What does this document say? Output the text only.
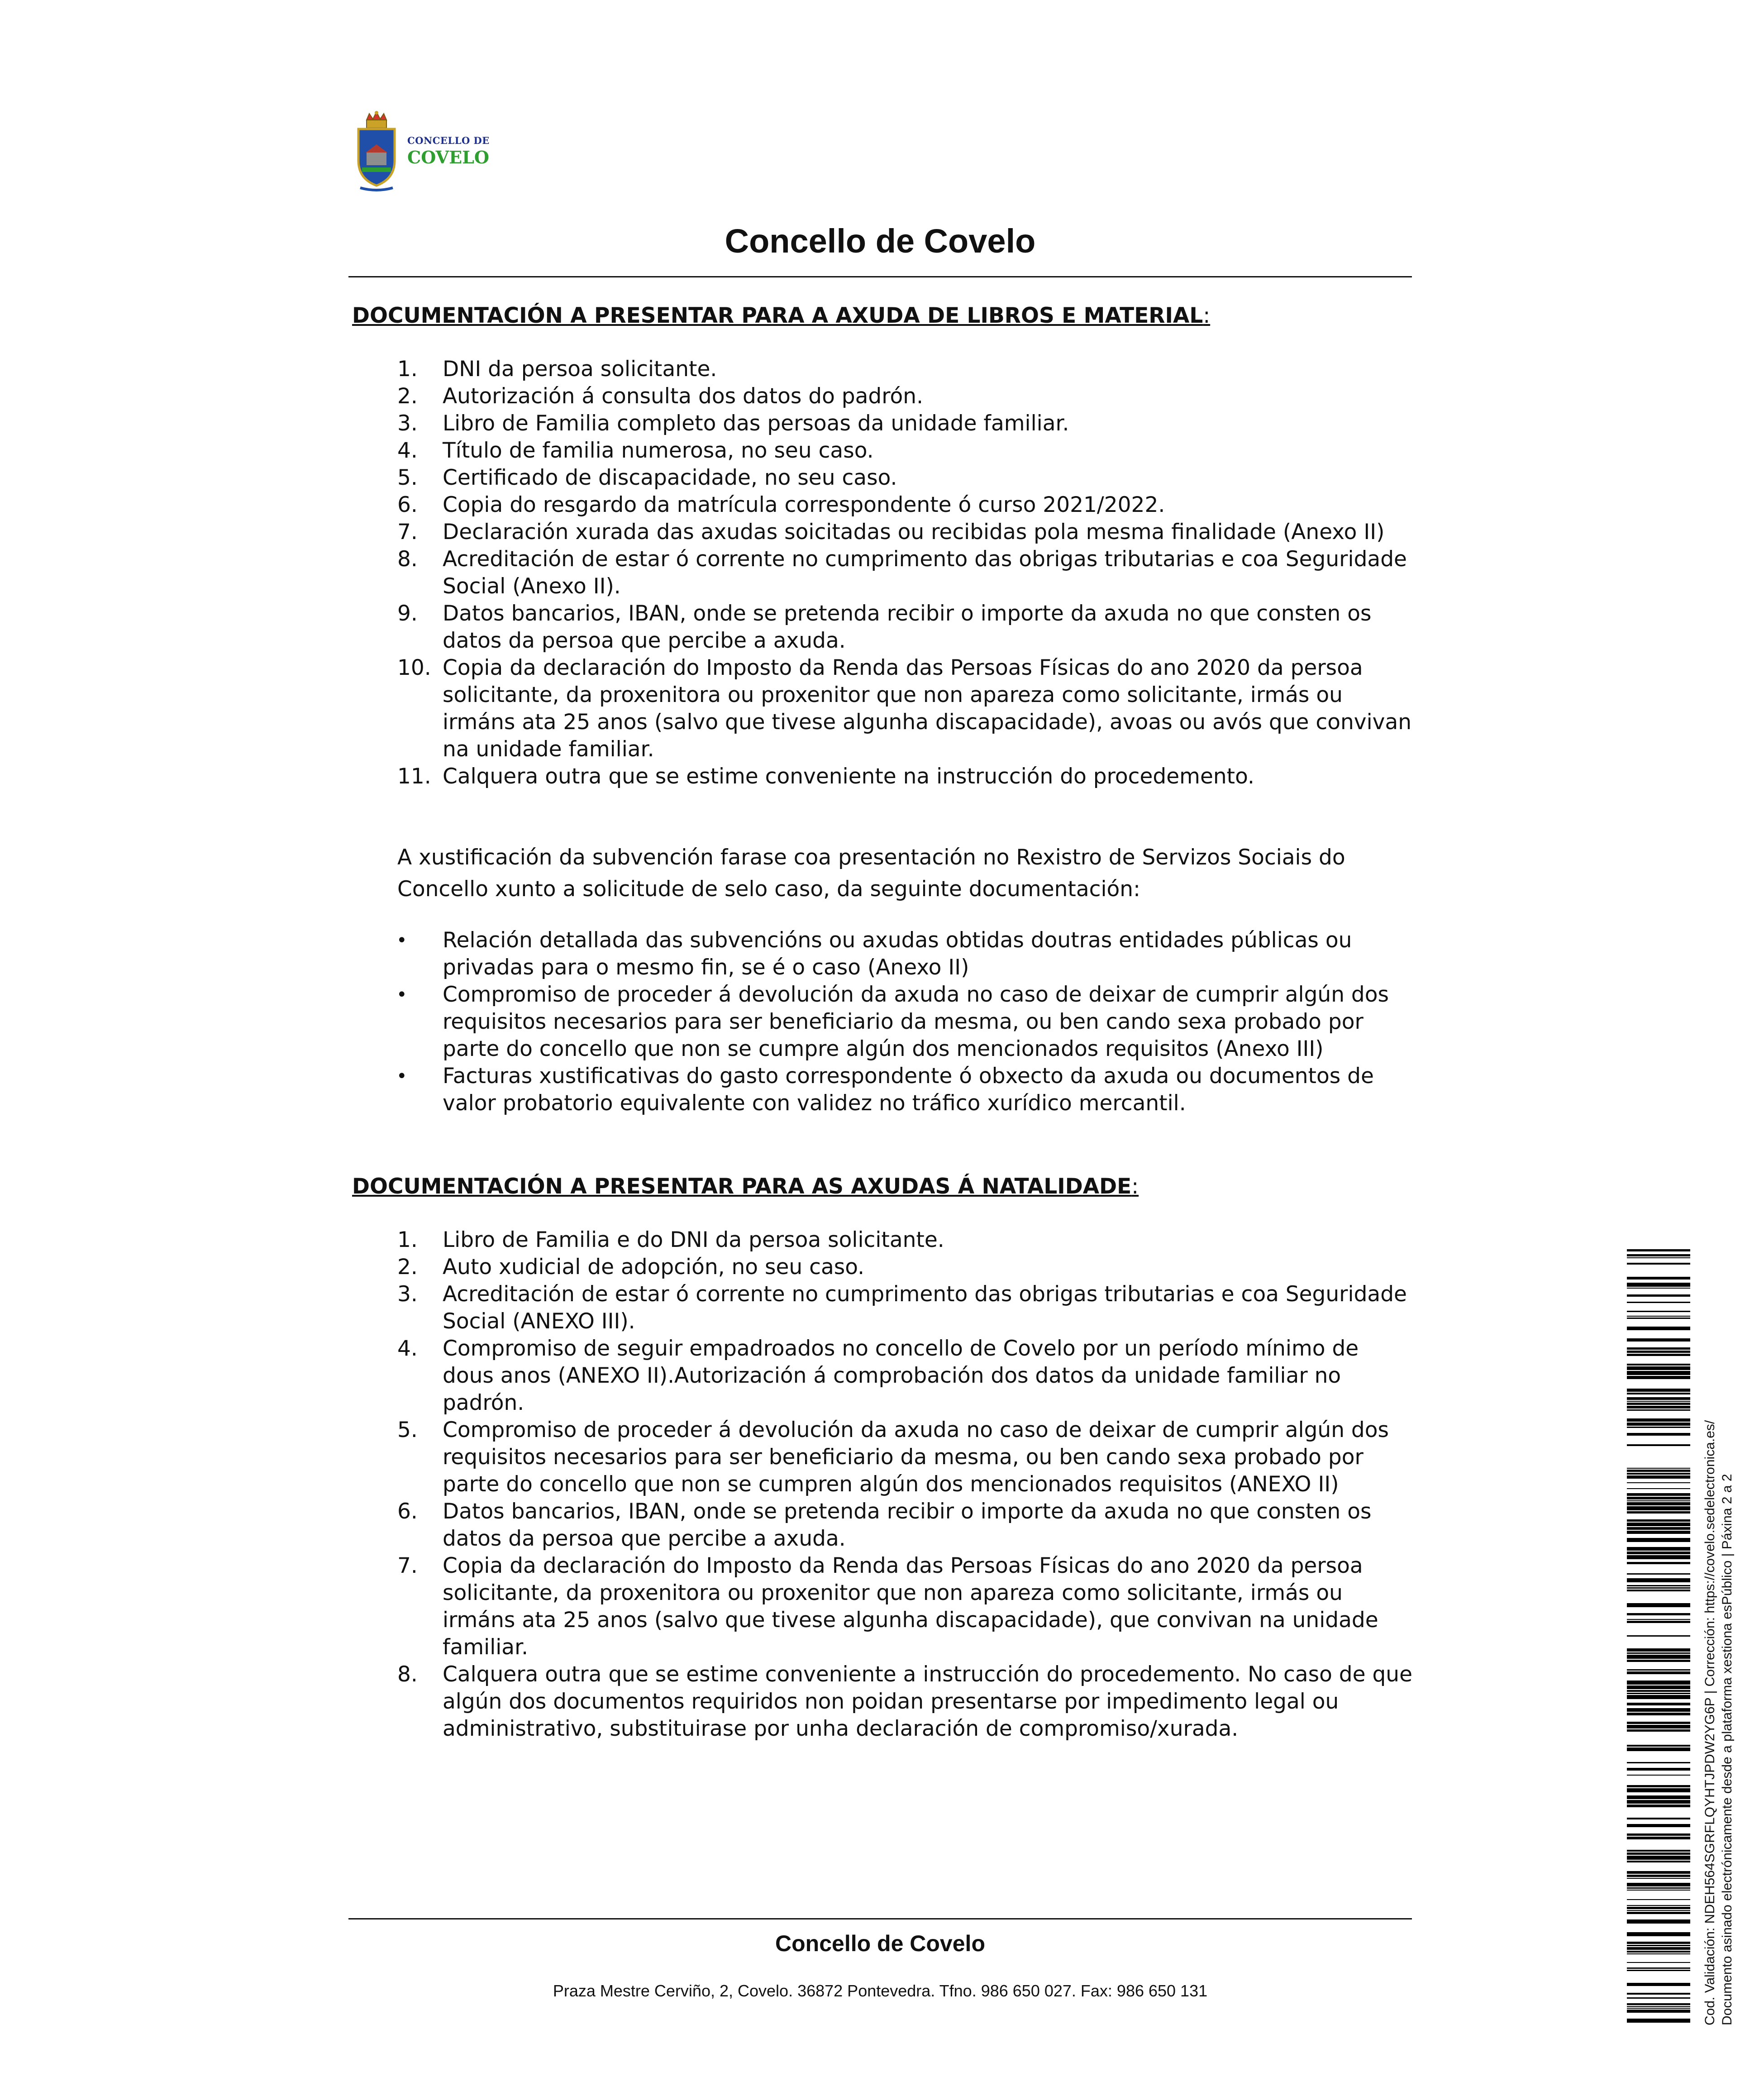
CONCELLO DE
COVELO
Concello de Covelo
DOCUMENTACIÓN A PRESENTAR PARA A AXUDA DE LIBROS E MATERIAL:
1. DNI da persoa solicitante.
2. Autorización á consulta dos datos do padrón.
3. Libro de Familia completo das persoas da unidade familiar.
4. Título de familia numerosa, no seu caso.
5. Certificado de discapacidade, no seu caso.
6. Copia do resgardo da matrícula correspondente ó curso 2021/2022.
7. Declaración xurada das axudas soicitadas ou recibidas pola mesma finalidade (Anexo II)
8. Acreditación de estar ó corrente no cumprimento das obrigas tributarias e coa Seguridade Social (Anexo II).
9. Datos bancarios, IBAN, onde se pretenda recibir o importe da axuda no que consten os datos da persoa que percibe a axuda.
10. Copia da declaración do Imposto da Renda das Persoas Físicas do ano 2020 da persoa solicitante, da proxenitora ou proxenitor que non apareza como solicitante, irmás ou irmáns ata 25 anos (salvo que tivese algunha discapacidade), avoas ou avós que convivan na unidade familiar.
11. Calquera outra que se estime conveniente na instrucción do procedemento.

A xustificación da subvención farase coa presentación no Rexistro de Servizos Sociais do Concello xunto a solicitude de selo caso, da seguinte documentación:

• Relación detallada das subvencións ou axudas obtidas doutras entidades públicas ou privadas para o mesmo fin, se é o caso (Anexo II)
• Compromiso de proceder á devolución da axuda no caso de deixar de cumprir algún dos requisitos necesarios para ser beneficiario da mesma, ou ben cando sexa probado por parte do concello que non se cumpre algún dos mencionados requisitos (Anexo III)
• Facturas xustificativas do gasto correspondente ó obxecto da axuda ou documentos de valor probatorio equivalente con validez no tráfico xurídico mercantil.
DOCUMENTACIÓN A PRESENTAR PARA AS AXUDAS Á NATALIDADE:
1. Libro de Familia e do DNI da persoa solicitante.
2. Auto xudicial de adopción, no seu caso.
3. Acreditación de estar ó corrente no cumprimento das obrigas tributarias e coa Seguridade Social (ANEXO III).
4. Compromiso de seguir empadroados no concello de Covelo por un período mínimo de dous anos (ANEXO II).Autorización á comprobación dos datos da unidade familiar no padrón.
5. Compromiso de proceder á devolución da axuda no caso de deixar de cumprir algún dos requisitos necesarios para ser beneficiario da mesma, ou ben cando sexa probado por parte do concello que non se cumpren algún dos mencionados requisitos (ANEXO II)
6. Datos bancarios, IBAN, onde se pretenda recibir o importe da axuda no que consten os datos da persoa que percibe a axuda.
7. Copia da declaración do Imposto da Renda das Persoas Físicas do ano 2020 da persoa solicitante, da proxenitora ou proxenitor que non apareza como solicitante, irmás ou irmáns ata 25 anos (salvo que tivese algunha discapacidade), que convivan na unidade familiar.
8. Calquera outra que se estime conveniente a instrucción do procedemento. No caso de que algún dos documentos requiridos non poidan presentarse por impedimento legal ou administrativo, substituirase por unha declaración de compromiso/xurada.
Concello de Covelo
Praza Mestre Cerviño, 2, Covelo. 36872 Pontevedra. Tfno. 986 650 027. Fax: 986 650 131	Cod. Validación: NDEH564SGRFLQYHTJPDW2YG6P | Corrección: https://covelo.sedelectronica.es/ Documento asinado electrónicamente desde a plataforma xestiona esPúblico | Páxina 2 a 2
